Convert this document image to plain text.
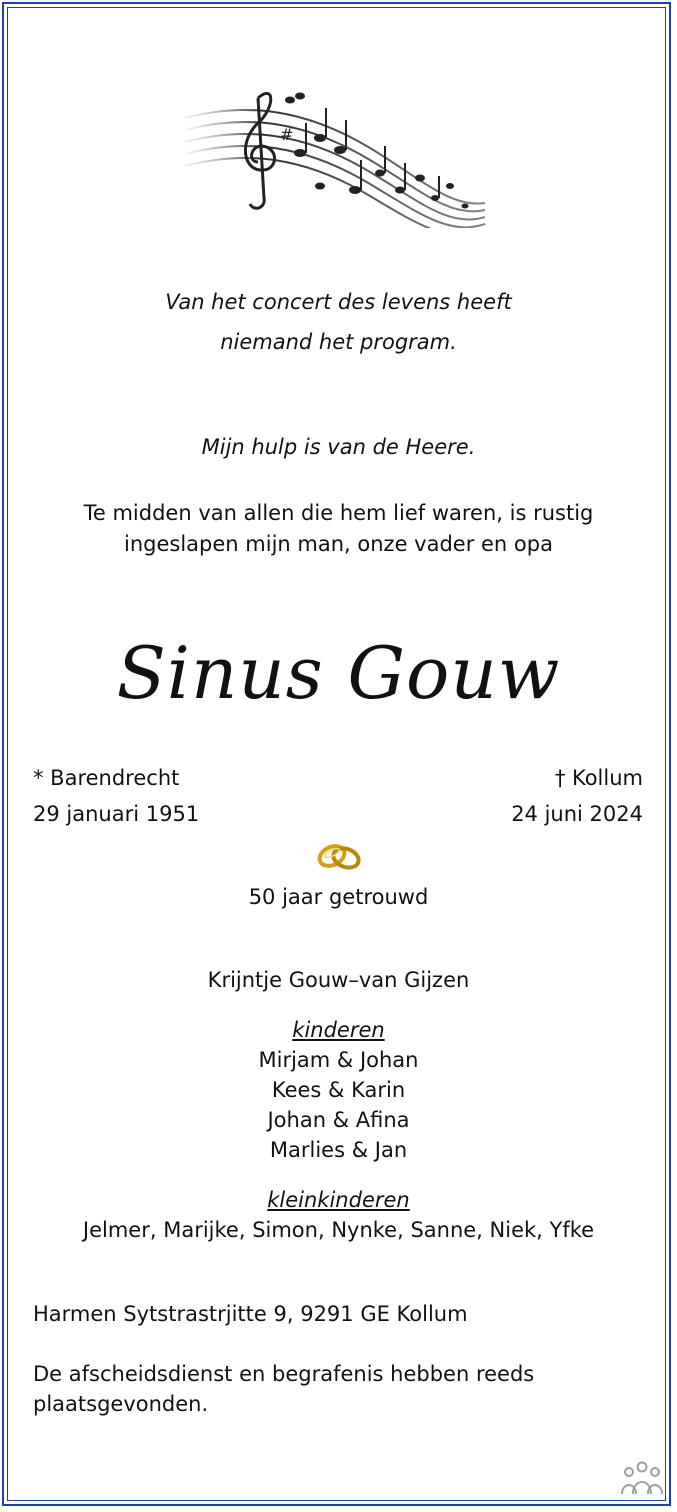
#
Van het concert des levens heeft
niemand het program.
Mijn hulp is van de Heere.
Te midden van allen die hem lief waren, is rustig
ingeslapen mijn man, onze vader en opa
Sinus Gouw
* Barendrecht
29 januari 1951
† Kollum
24 juni 2024
50 jaar getrouwd
Krijntje Gouw–van Gijzen
kinderen
Mirjam & Johan
Kees & Karin
Johan & Afina
Marlies & Jan
kleinkinderen
Jelmer, Marijke, Simon, Nynke, Sanne, Niek, Yfke
Harmen Sytstrastrjitte 9, 9291 GE Kollum
De afscheidsdienst en begrafenis hebben reeds
plaatsgevonden.
